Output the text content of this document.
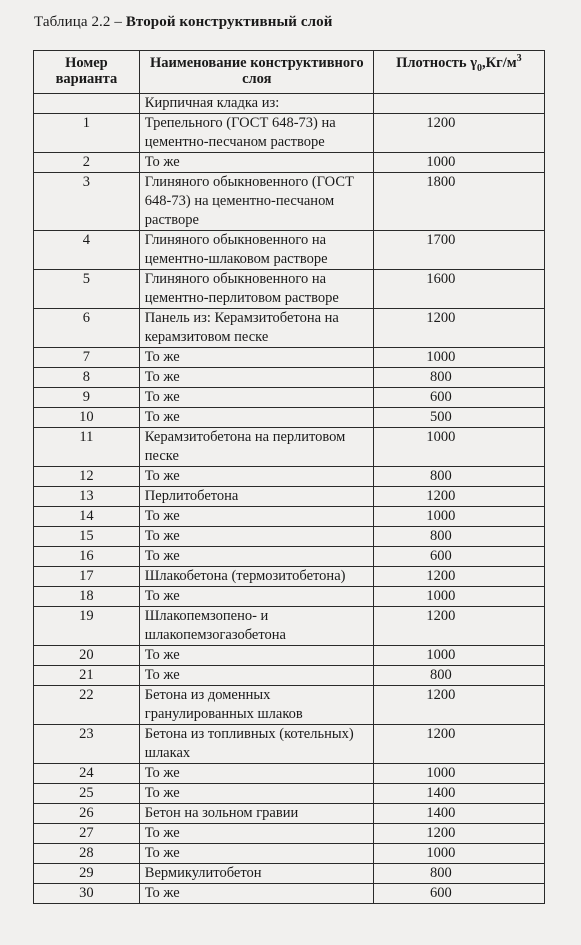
Таблица 2.2 – Второй конструктивный слой
Номер варианта	Наименование конструктивного слоя	Плотность $\gamma_0,Кг/м^3$
	Кирпичная кладка из:	
1	Трепельного (ГОСТ 648-73) на цементно-песчаном растворе	1200
2	То же	1000
3	Глиняного обыкновенного (ГОСТ 648-73) на цементно-песчаном растворе	1800
4	Глиняного обыкновенного на цементно-шлаковом растворе	1700
5	Глиняного обыкновенного на цементно-перлитовом растворе	1600
6	Панель из: Керамзитобетона на керамзитовом песке	1200
7	То же	1000
8	То же	800
9	То же	600
10	То же	500
11	Керамзитобетона на перлитовом песке	1000
12	То же	800
13	Перлитобетона	1200
14	То же	1000
15	То же	800
16	То же	600
17	Шлакобетона (термозитобетона)	1200
18	То же	1000
19	Шлакопемзопено- и шлакопемзогазобетона	1200
20	То же	1000
21	То же	800
22	Бетона из доменных гранулированных шлаков	1200
23	Бетона из топливных (котельных) шлаках	1200
24	То же	1000
25	То же	1400
26	Бетон на зольном гравии	1400
27	То же	1200
28	То же	1000
29	Вермикулитобетон	800
30	То же	600
